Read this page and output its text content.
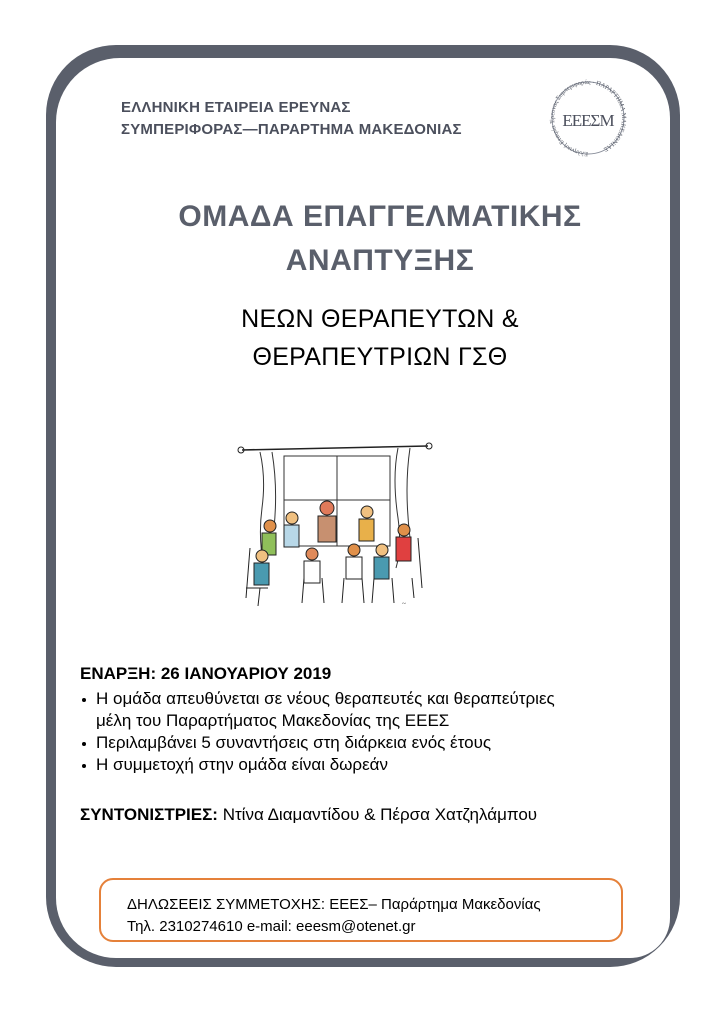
ΕΛΛΗΝΙΚΗ ΕΤΑΙΡΕΙΑ ΕΡΕΥΝΑΣ
ΣΥΜΠΕΡΙΦΟΡΑΣ—ΠΑΡΑΡΤΗΜΑ ΜΑΚΕΔΟΝΙΑΣ
Ελληνική Εταιρία Έρευνας Συμπεριφοράς · ΠΑΡΑΡΤΗΜΑ ΜΑΚΕΔΟΝΙΑΣ
ΕΕΕΣΜ
ΟΜΑΔΑ ΕΠΑΓΓΕΛΜΑΤΙΚΗΣ
ΑΝΑΠΤΥΞΗΣ
ΝΕΩΝ ΘΕΡΑΠΕΥΤΩΝ &
ΘΕΡΑΠΕΥΤΡΙΩΝ ΓΣΘ
~
ΕΝΑΡΞΗ: 26 ΙΑΝΟΥΑΡΙΟΥ 2019
Η ομάδα απευθύνεται σε νέους θεραπευτές και θεραπεύτριες
μέλη του Παραρτήματος Μακεδονίας της ΕΕΕΣ
Περιλαμβάνει 5 συναντήσεις στη διάρκεια ενός έτους
Η συμμετοχή στην ομάδα είναι δωρεάν
ΣΥΝΤΟΝΙΣΤΡΙΕΣ: Ντίνα Διαμαντίδου & Πέρσα Χατζηλάμπου
ΔΗΛΩΣΕΕΙΣ ΣΥΜΜΕΤΟΧΗΣ: ΕΕΕΣ– Παράρτημα Μακεδονίας
Τηλ. 2310274610 e-mail: eeesm@otenet.gr
